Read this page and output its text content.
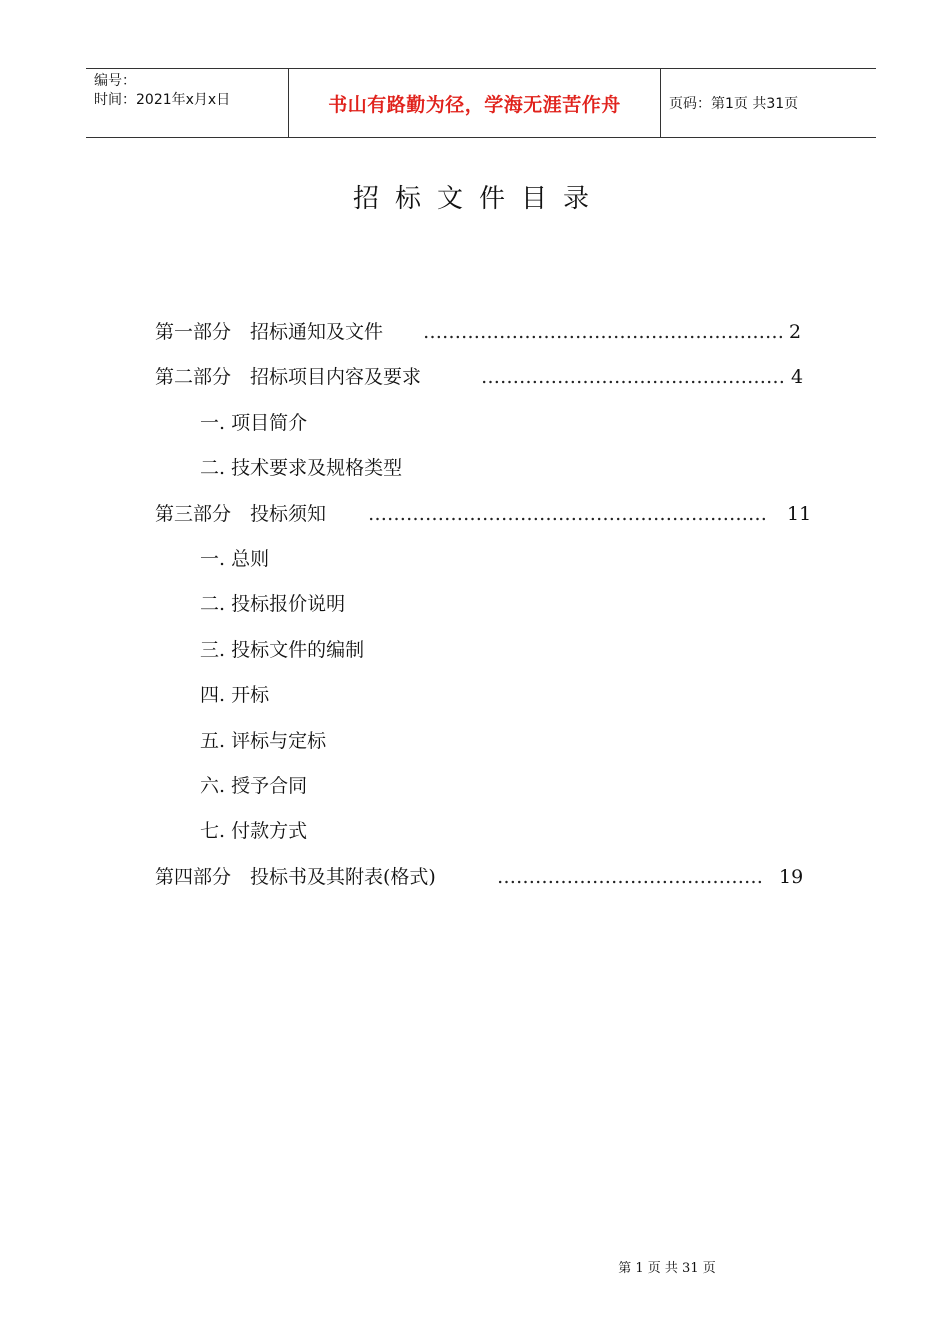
编号：
时间：2021年x月x日	书山有路勤为径，学海无涯苦作舟	页码：第1页 共31页
招标文件目录
第一部分　招标通知及文件 ………………………………………………… 2
第二部分　招标项目内容及要求	………………………………………… 4
一. 项目简介
二. 技术要求及规格类型
第三部分　投标须知 ……………………………………………………… 11
一. 总则
二. 投标报价说明
三. 投标文件的编制
四. 开标
五. 评标与定标
六. 授予合同
七. 付款方式
第四部分　投标书及其附表(格式)	…………………………………… 19
第 1 页 共 31 页
